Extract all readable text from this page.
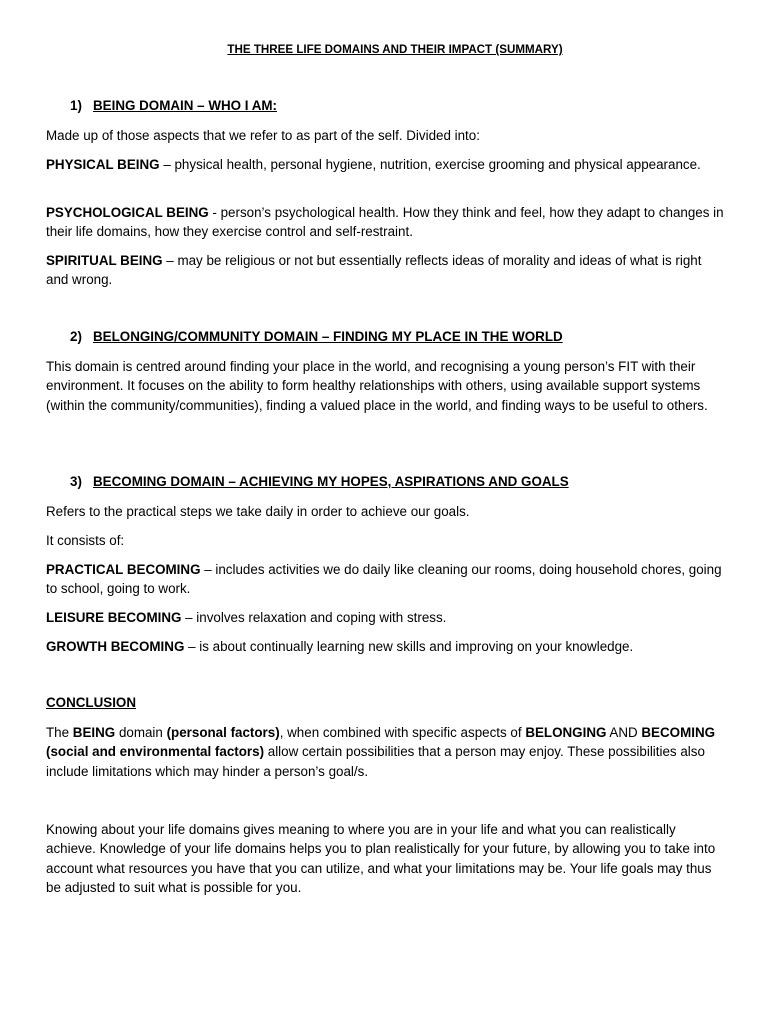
THE THREE LIFE DOMAINS AND THEIR IMPACT (SUMMARY)
1) BEING DOMAIN – WHO I AM:
Made up of those aspects that we refer to as part of the self. Divided into:
PHYSICAL BEING – physical health, personal hygiene, nutrition, exercise grooming and physical appearance.
PSYCHOLOGICAL BEING - person’s psychological health. How they think and feel, how they adapt to changes in their life domains, how they exercise control and self-restraint.
SPIRITUAL BEING – may be religious or not but essentially reflects ideas of morality and ideas of what is right and wrong.
2) BELONGING/COMMUNITY DOMAIN – FINDING MY PLACE IN THE WORLD
This domain is centred around finding your place in the world, and recognising a young person’s FIT with their environment. It focuses on the ability to form healthy relationships with others, using available support systems (within the community/communities), finding a valued place in the world, and finding ways to be useful to others.
3) BECOMING DOMAIN – ACHIEVING MY HOPES, ASPIRATIONS AND GOALS
Refers to the practical steps we take daily in order to achieve our goals.
It consists of:
PRACTICAL BECOMING – includes activities we do daily like cleaning our rooms, doing household chores, going to school, going to work.
LEISURE BECOMING – involves relaxation and coping with stress.
GROWTH BECOMING – is about continually learning new skills and improving on your knowledge.
CONCLUSION
The BEING domain (personal factors), when combined with specific aspects of BELONGING AND BECOMING (social and environmental factors) allow certain possibilities that a person may enjoy. These possibilities also include limitations which may hinder a person’s goal/s.
Knowing about your life domains gives meaning to where you are in your life and what you can realistically achieve. Knowledge of your life domains helps you to plan realistically for your future, by allowing you to take into account what resources you have that you can utilize, and what your limitations may be. Your life goals may thus be adjusted to suit what is possible for you.
